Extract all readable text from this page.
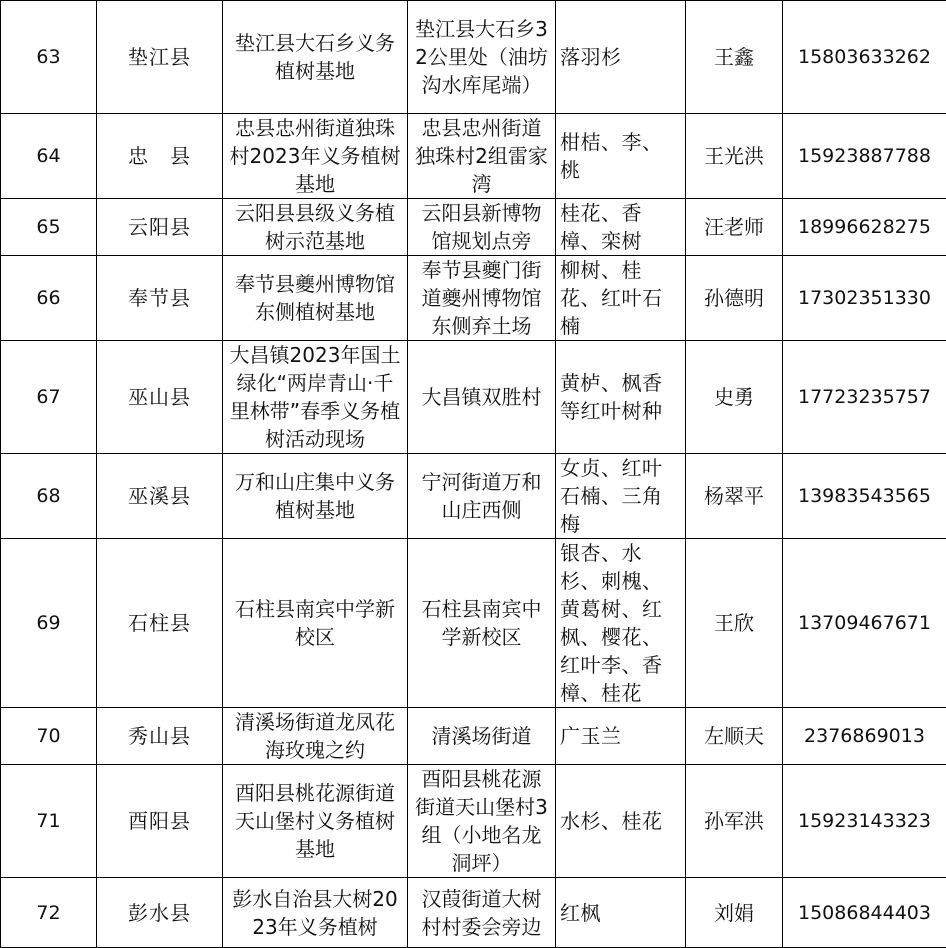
63	垫江县	垫江县大石乡义务植树基地	垫江县大石乡32公里处（油坊沟水库尾端）	落羽杉	王鑫	15803633262
64	忠　县	忠县忠州街道独珠村2023年义务植树基地	忠县忠州街道独珠村2组雷家湾	柑桔、李、桃	王光洪	15923887788
65	云阳县	云阳县县级义务植树示范基地	云阳县新博物馆规划点旁	桂花、香樟、栾树	汪老师	18996628275
66	奉节县	奉节县夔州博物馆东侧植树基地	奉节县夔门街道夔州博物馆东侧弃土场	柳树、桂花、红叶石楠	孙德明	17302351330
67	巫山县	大昌镇2023年国土绿化“两岸青山·千里林带”春季义务植树活动现场	大昌镇双胜村	黄栌、枫香等红叶树种	史勇	17723235757
68	巫溪县	万和山庄集中义务植树基地	宁河街道万和山庄西侧	女贞、红叶石楠、三角梅	杨翠平	13983543565
69	石柱县	石柱县南宾中学新校区	石柱县南宾中学新校区	银杏、水杉、刺槐、黄葛树、红枫、樱花、红叶李、香樟、桂花	王欣	13709467671
70	秀山县	清溪场街道龙凤花海玫瑰之约	清溪场街道	广玉兰	左顺天	2376869013
71	酉阳县	酉阳县桃花源街道天山堡村义务植树基地	酉阳县桃花源街道天山堡村3组（小地名龙洞坪）	水杉、桂花	孙军洪	15923143323
72	彭水县	彭水自治县大树2023年义务植树	汉葭街道大树村村委会旁边	红枫	刘娟	15086844403
